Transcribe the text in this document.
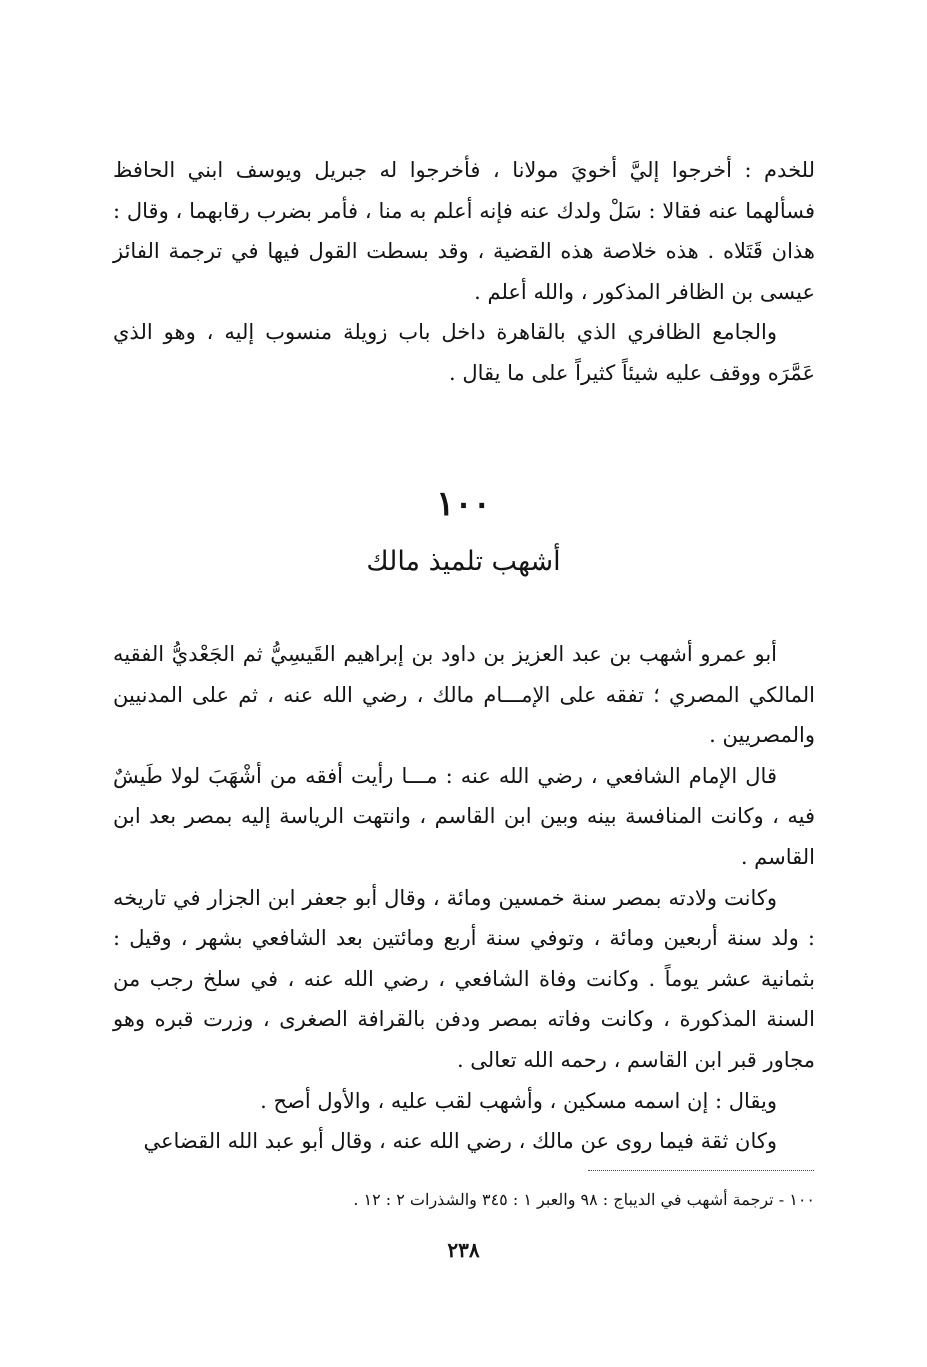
للخدم : أخرجوا إليَّ أخويَ مولانا ، فأخرجوا له جبريل ويوسف ابني الحافظ فسألهما عنه فقالا : سَلْ ولدك عنه فإنه أعلم به منا ، فأمر بضرب رقابهما ، وقال : هذان قَتَلاه . هذه خلاصة هذه القضية ، وقد بسطت القول فيها في ترجمة الفائز عيسى بن الظافر المذكور ، والله أعلم .

والجامع الظافري الذي بالقاهرة داخل باب زويلة منسوب إليه ، وهو الذي عَمَّرَه ووقف عليه شيئاً كثيراً على ما يقال .

١٠٠
أشهب تلميذ مالك

أبو عمرو أشهب بن عبد العزيز بن داود بن إبراهيم القَيسِيُّ ثم الجَعْديُّ الفقيه المالكي المصري ؛ تفقه على الإمـــام مالك ، رضي الله عنه ، ثم على المدنيين والمصريين .

قال الإمام الشافعي ، رضي الله عنه : مـــا رأيت أفقه من أشْهَبَ لولا طَيشٌ فيه ، وكانت المنافسة بينه وبين ابن القاسم ، وانتهت الرياسة إليه بمصر بعد ابن القاسم .

وكانت ولادته بمصر سنة خمسين ومائة ، وقال أبو جعفر ابن الجزار في تاريخه : ولد سنة أربعين ومائة ، وتوفي سنة أربع ومائتين بعد الشافعي بشهر ، وقيل : بثمانية عشر يوماً . وكانت وفاة الشافعي ، رضي الله عنه ، في سلخ رجب من السنة المذكورة ، وكانت وفاته بمصر ودفن بالقرافة الصغرى ، وزرت قبره وهو مجاور قبر ابن القاسم ، رحمه الله تعالى .

ويقال : إن اسمه مسكين ، وأشهب لقب عليه ، والأول أصح .

وكان ثقة فيما روى عن مالك ، رضي الله عنه ، وقال أبو عبد الله القضاعي

١٠٠ - ترجمة أشهب في الديباج : ٩٨ والعبر ١ : ٣٤٥ والشذرات ٢ : ١٢ .
٢٣٨
